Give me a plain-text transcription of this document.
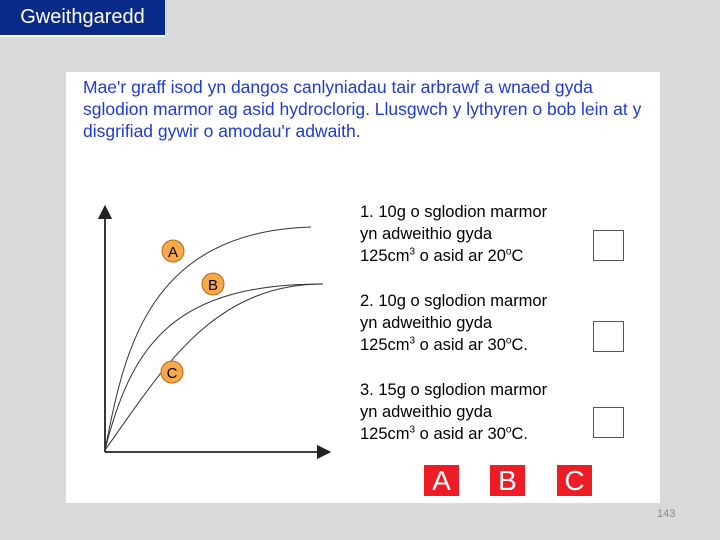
Gweithgaredd
Mae'r graff isod yn dangos canlyniadau tair arbrawf a wnaed gyda sglodion marmor ag asid hydroclorig. Llusgwch y lythyren o bob lein at y disgrifiad gywir o amodau'r adwaith.
A
B
C
1. 10g o sglodion marmor
yn adweithio gyda
$125cm^3$ o asid ar 20$^o$C
2. 10g o sglodion marmor
yn adweithio gyda
$125cm^3$ o asid ar 30$^o$C.
3. 15g o sglodion marmor
yn adweithio gyda
$125cm^3$ o asid ar 30$^o$C.
A B C
143
